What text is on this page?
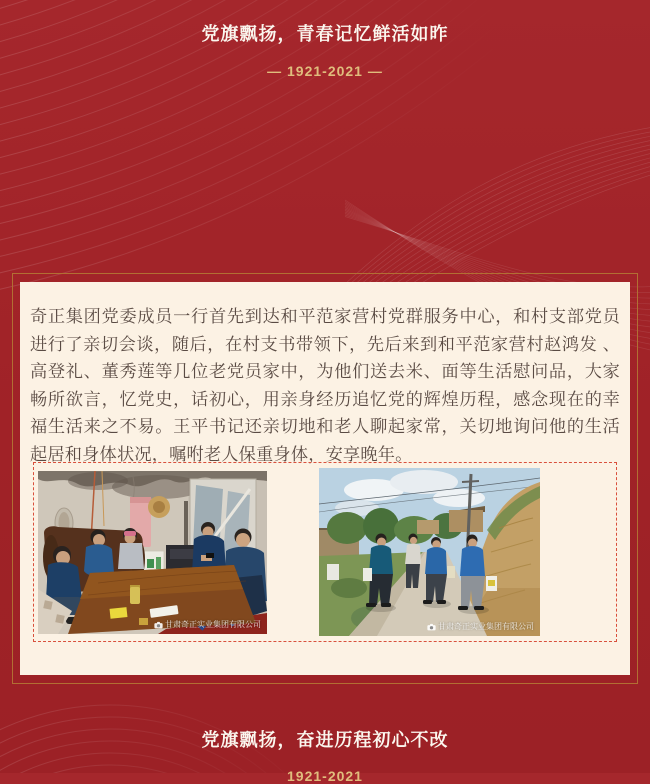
党旗飘扬，青春记忆鲜活如昨
— 1921-2021 —

奇正集团党委成员一行首先到达和平范家营村党群服务中心，和村支部党员进行了亲切会谈，随后，在村支书带领下，先后来到和平范家营村赵鸿发 、高登礼、董秀莲等几位老党员家中，为他们送去米、面等生活慰问品，大家畅所欲言，忆党史，话初心，用亲身经历追忆党的辉煌历程，感念现在的幸福生活来之不易。王平书记还亲切地和老人聊起家常，关切地询问他的生活起居和身体状况，嘱咐老人保重身体，安享晚年。

甘肃奇正实业集团有限公司	甘肃奇正实业集团有限公司
党旗飘扬，奋进历程初心不改
1921-2021
